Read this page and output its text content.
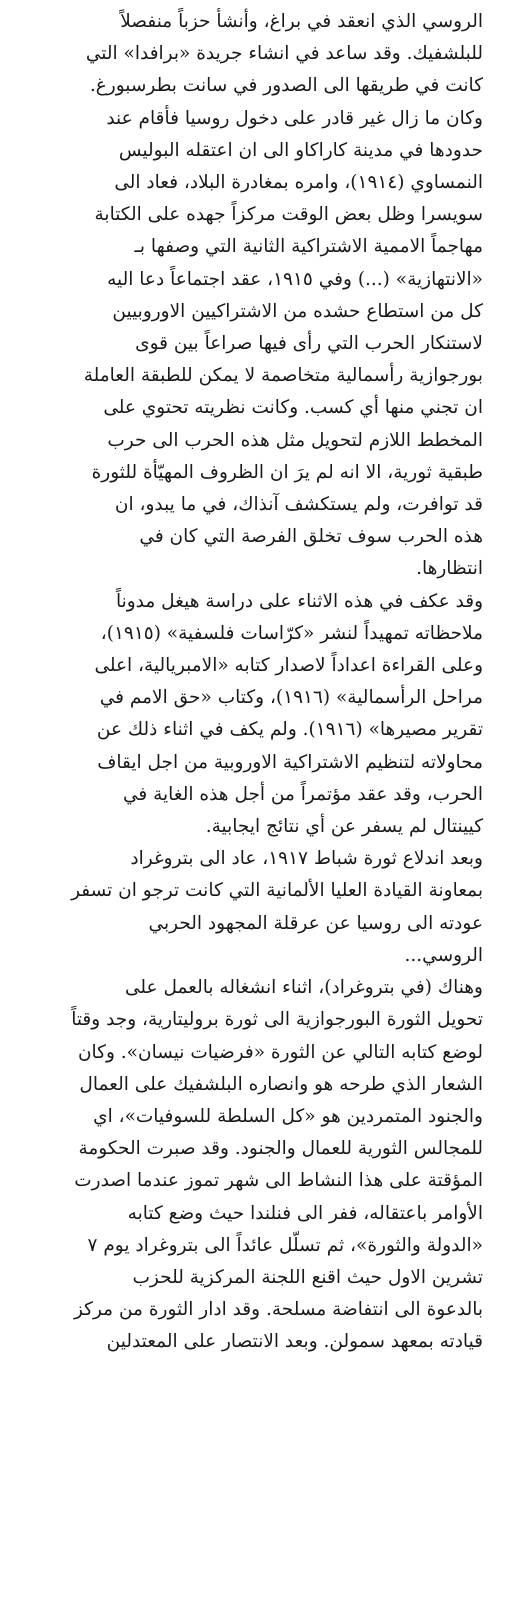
الروسي الذي انعقد في براغ، وأنشأ حزباً منفصلاً
للبلشفيك. وقد ساعد في انشاء جريدة «برافدا» التي
كانت في طريقها الى الصدور في سانت بطرسبورغ.
وكان ما زال غير قادر على دخول روسيا فأقام عند
حدودها في مدينة كاراكاو الى ان اعتقله البوليس
النمساوي (١٩١٤)، وامره بمغادرة البلاد، فعاد الى
سويسرا وظل بعض الوقت مركزاً جهده على الكتابة
مهاجماً الاممية الاشتراكية الثانية التي وصفها بـ
«الانتهازية» (...) وفي ١٩١٥، عقد اجتماعاً دعا اليه
كل من استطاع حشده من الاشتراكيين الاوروبيين
لاستنكار الحرب التي رأى فيها صراعاً بين قوى
بورجوازية رأسمالية متخاصمة لا يمكن للطبقة العاملة
ان تجني منها أي كسب. وكانت نظريته تحتوي على
المخطط اللازم لتحويل مثل هذه الحرب الى حرب
طبقية ثورية، الا انه لم يرَ ان الظروف المهيّأة للثورة
قد توافرت، ولم يستكشف آنذاك، في ما يبدو، ان
هذه الحرب سوف تخلق الفرصة التي كان في
انتظارها.

وقد عكف في هذه الاثناء على دراسة هيغل مدوناً
ملاحظاته تمهيداً لنشر «كرّاسات فلسفية» (١٩١٥)،
وعلى القراءة اعداداً لاصدار كتابه «الامبريالية، اعلى
مراحل الرأسمالية» (١٩١٦)، وكتاب «حق الامم في
تقرير مصيرها» (١٩١٦). ولم يكف في اثناء ذلك عن
محاولاته لتنظيم الاشتراكية الاوروبية من اجل ايقاف
الحرب، وقد عقد مؤتمراً من أجل هذه الغاية في
كيينتال لم يسفر عن أي نتائج ايجابية.

وبعد اندلاع ثورة شباط ١٩١٧، عاد الى بتروغراد
بمعاونة القيادة العليا الألمانية التي كانت ترجو ان تسفر
عودته الى روسيا عن عرقلة المجهود الحربي
الروسي...

وهناك (في بتروغراد)، اثناء انشغاله بالعمل على
تحويل الثورة البورجوازية الى ثورة بروليتارية، وجد وقتاً
لوضع كتابه التالي عن الثورة «فرضيات نيسان». وكان
الشعار الذي طرحه هو وانصاره البلشفيك على العمال
والجنود المتمردين هو «كل السلطة للسوفيات»، اي
للمجالس الثورية للعمال والجنود. وقد صبرت الحكومة
المؤقتة على هذا النشاط الى شهر تموز عندما اصدرت
الأوامر باعتقاله، ففر الى فنلندا حيث وضع كتابه
«الدولة والثورة»، ثم تسلّل عائداً الى بتروغراد يوم ٧
تشرين الاول حيث اقنع اللجنة المركزية للحزب
بالدعوة الى انتفاضة مسلحة. وقد ادار الثورة من مركز
قيادته بمعهد سمولن. وبعد الانتصار على المعتدلين
